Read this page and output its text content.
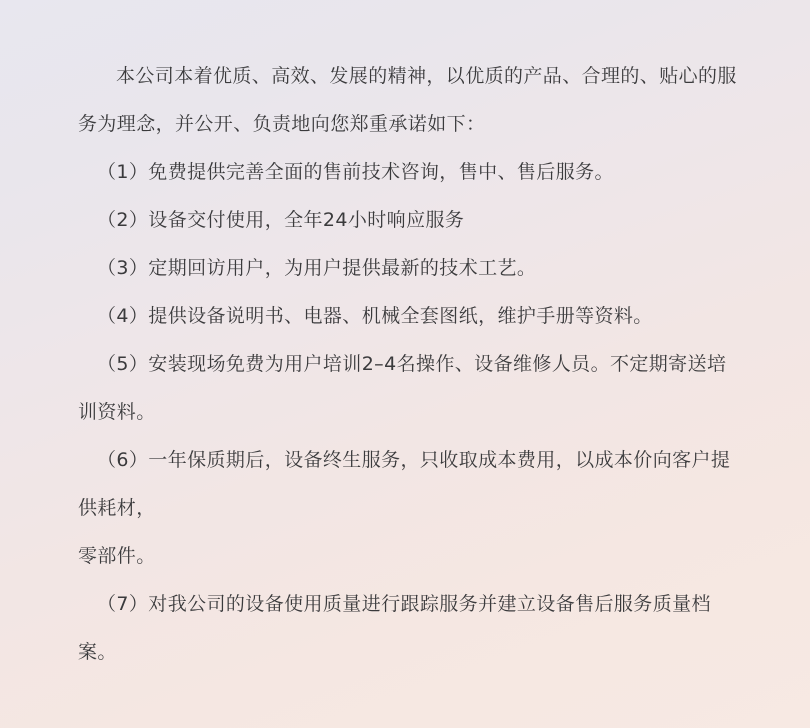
本公司本着优质、高效、发展的精神，以优质的产品、合理的、贴心的服务为理念，并公开、负责地向您郑重承诺如下：

（1）免费提供完善全面的售前技术咨询，售中、售后服务。

（2）设备交付使用，全年24小时响应服务

（3）定期回访用户，为用户提供最新的技术工艺。

（4）提供设备说明书、电器、机械全套图纸，维护手册等资料。

（5）安装现场免费为用户培训2–4名操作、设备维修人员。不定期寄送培训资料。

（6）一年保质期后，设备终生服务，只收取成本费用，以成本价向客户提供耗材，

零部件。

（7）对我公司的设备使用质量进行跟踪服务并建立设备售后服务质量档案。
